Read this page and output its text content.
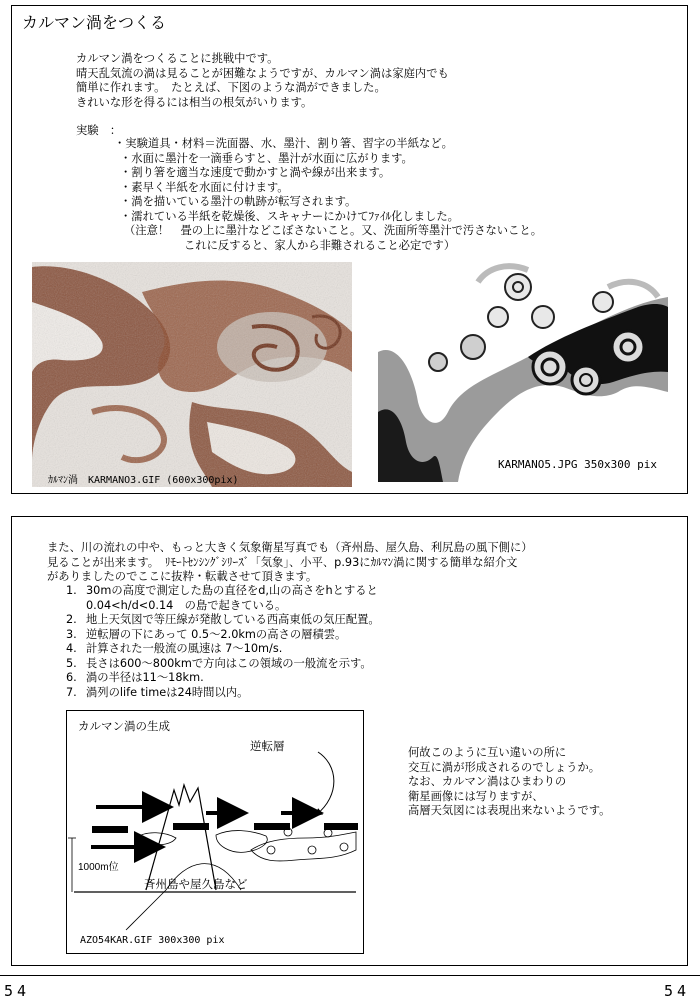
カルマン渦をつくる
カルマン渦をつくることに挑戦中です。
晴天乱気流の渦は見ることが困難なようですが、カルマン渦は家庭内でも
簡単に作れます。　たとえば、下図のような渦ができました。
きれいな形を得るには相当の根気がいります。
実験　：
・実験道具・材料＝洗面器、水、墨汁、割り箸、習字の半紙など。
・水面に墨汁を一滴垂らすと、墨汁が水面に広がります。
・割り箸を適当な速度で動かすと渦や線が出来ます。
・素早く半紙を水面に付けます。
・渦を描いている墨汁の軌跡が転写されます。
・濡れている半紙を乾燥後、スキャナーにかけてﾌｧｲﾙ化しました。
（注意！　畳の上に墨汁などこぼさないこと。又、洗面所等墨汁で汚さないこと。
これに反すると、家人から非難されること必定です）
ｶﾙﾏﾝ渦　KARMANO3.GIF (600x300pix)
KARMANO5.JPG 350x300 pix
また、川の流れの中や、もっと大きく気象衛星写真でも（斉州島、屋久島、利尻島の風下側に）
見ることが出来ます。　ﾘﾓｰﾄｾﾝｼﾝｸﾞｼﾘｰｽﾞ「気象」、小平、p.93にｶﾙﾏﾝ渦に関する簡単な紹介文
がありましたのでここに抜粋・転載させて頂きます。
1. 30mの高度で測定した島の直径をd,山の高さをhとすると
0.04<h/d<0.14　の島で起きている。
2. 地上天気図で等圧線が発散している西高東低の気圧配置。
3. 逆転層の下にあって 0.5～2.0kmの高さの層積雲。
4. 計算された一般流の風速は 7～10m/s.
5. 長さは600～800kmで方向はこの領域の一般流を示す。
6. 渦の半径は11～18km.
7. 渦列のlife timeは24時間以内。
1000m位
カルマン渦の生成
逆転層
斉州島や屋久島など
AZO54KAR.GIF 300x300 pix
何故このように互い違いの所に
交互に渦が形成されるのでしょうか。
なお、カルマン渦はひまわりの
衛星画像には写りますが、
高層天気図には表現出来ないようです。
54	54
